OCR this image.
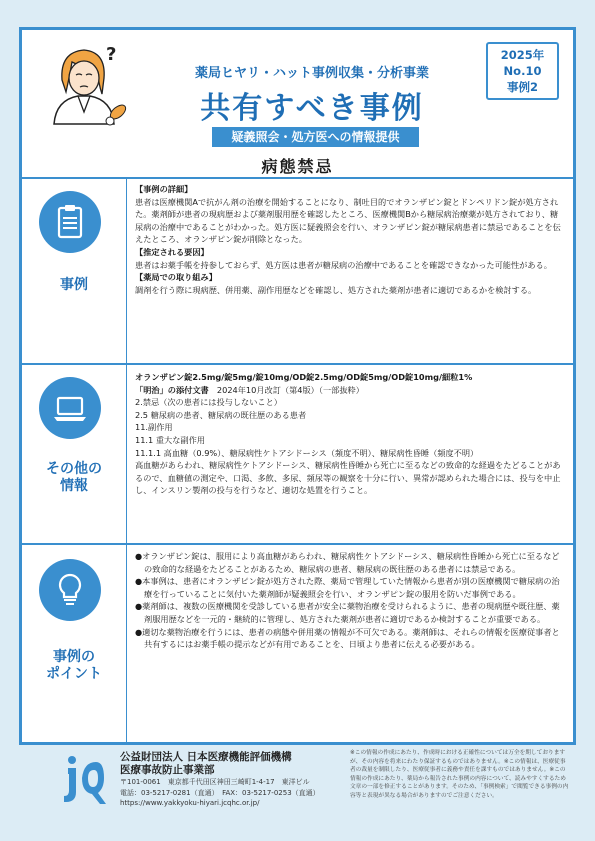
?
薬局ヒヤリ・ハット事例収集・分析事業
共有すべき事例
2025年
No.10
事例2
疑義照会・処方医への情報提供
病態禁忌
事例

【事例の詳細】

患者は医療機関Aで抗がん剤の治療を開始することになり、制吐目的でオランザピン錠とドンペリドン錠が処方された。薬剤師が患者の現病歴および薬剤服用歴を確認したところ、医療機関Bから糖尿病治療薬が処方されており、糖尿病の治療中であることがわかった。処方医に疑義照会を行い、オランザピン錠が糖尿病患者に禁忌であることを伝えたところ、オランザピン錠が削除となった。

【推定される要因】

患者はお薬手帳を持参しておらず、処方医は患者が糖尿病の治療中であることを確認できなかった可能性がある。

【薬局での取り組み】

調剤を行う際に現病歴、併用薬、副作用歴などを確認し、処方された薬剤が患者に適切であるかを検討する。

その他の
情報

オランザピン錠2.5mg/錠5mg/錠10mg/OD錠2.5mg/OD錠5mg/OD錠10mg/細粒1%

「明治」の添付文書　 2024年10月改訂（第4版）（一部抜粋）

2.禁忌（次の患者には投与しないこと）

2.5 糖尿病の患者、糖尿病の既往歴のある患者

11.副作用

11.1 重大な副作用

11.1.1 高血糖（0.9%）、糖尿病性ケトアシドーシス（頻度不明）、糖尿病性昏睡（頻度不明）

高血糖があらわれ、糖尿病性ケトアシドーシス、糖尿病性昏睡から死亡に至るなどの致命的な経過をたどることがあるので、血糖値の測定や、口渇、多飲、多尿、頻尿等の観察を十分に行い、異常が認められた場合には、投与を中止し、インスリン製剤の投与を行うなど、適切な処置を行うこと。

事例の
ポイント

●オランザピン錠は、服用により高血糖があらわれ、糖尿病性ケトアシドーシス、糖尿病性昏睡から死亡に至るなどの致命的な経過をたどることがあるため、糖尿病の患者、糖尿病の既往歴のある患者には禁忌である。

●本事例は、患者にオランザピン錠が処方された際、薬局で管理していた情報から患者が別の医療機関で糖尿病の治療を行っていることに気付いた薬剤師が疑義照会を行い、オランザピン錠の服用を防いだ事例である。

●薬剤師は、複数の医療機関を受診している患者が安全に薬物治療を受けられるように、患者の現病歴や既往歴、薬剤服用歴などを一元的・継続的に管理し、処方された薬剤が患者に適切であるか検討することが重要である。

●適切な薬物治療を行うには、患者の病態や併用薬の情報が不可欠である。薬剤師は、それらの情報を医療従事者と共有するにはお薬手帳の提示などが有用であることを、日頃より患者に伝える必要がある。

公益財団法人 日本医療機能評価機構
医療事故防止事業部
〒101-0061　東京都千代田区神田三崎町1-4-17　東洋ビル
電話：03-5217-0281（直通）　FAX：03-5217-0253（直通）
https://www.yakkyoku-hiyari.jcqhc.or.jp/
※この情報の作成にあたり、作成時における正確性については万全を期しておりますが、その内容を将来にわたり保証するものではありません。※この情報は、医療従事者の裁量を制限したり、医療従事者に義務や責任を課すものではありません。※この情報の作成にあたり、薬局から報告された事例の内容について、読みやすくするため文章の一部を修正することがあります。そのため、「事例検索」で閲覧できる事例の内容等と表現が異なる場合がありますのでご注意ください。
